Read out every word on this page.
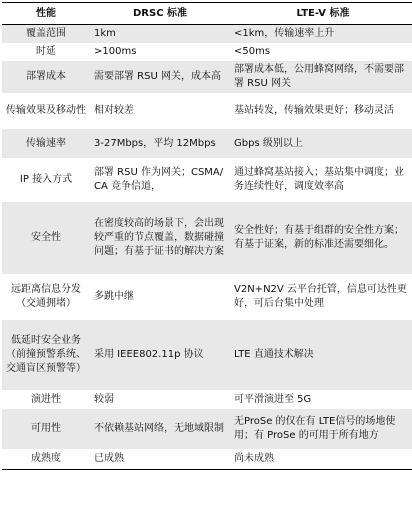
性能	DRSC 标准	LTE-V 标准
覆盖范围	1km	<1km，传输速率上升
时延	>100ms	<50ms
部署成本	需要部署 RSU 网关，成本高	部署成本低，公用蜂窝网络，不需要部署 RSU 网关
传输效果及移动性	相对较差	基站转发，传输效果更好；移动灵活
传输速率	3-27Mbps，平均 12Mbps	Gbps 级别以上
IP 接入方式	部署 RSU 作为网关；CSMA/CA 竞争信道，	通过蜂窝基站接入；基站集中调度；业务连续性好，调度效率高
安全性	在密度较高的场景下，会出现较严重的节点覆盖，数据碰撞问题；有基于证书的解决方案	安全性好；有基于组群的安全性方案；有基于证案，新的标准还需要细化。
远距离信息分发（交通拥堵）	多跳中继	V2N+N2V 云平台托管，信息可达性更好，可后台集中处理
低延时安全业务（前撞预警系统、交通盲区预警等）	采用 IEEE802.11p 协议	LTE 直通技术解决
演进性	较弱	可平滑演进至 5G
可用性	不依赖基站网络，无地域限制	无ProSe 的仅在有 LTE信号的场地使用；有 ProSe 的可用于所有地方
成熟度	已成熟	尚未成熟
